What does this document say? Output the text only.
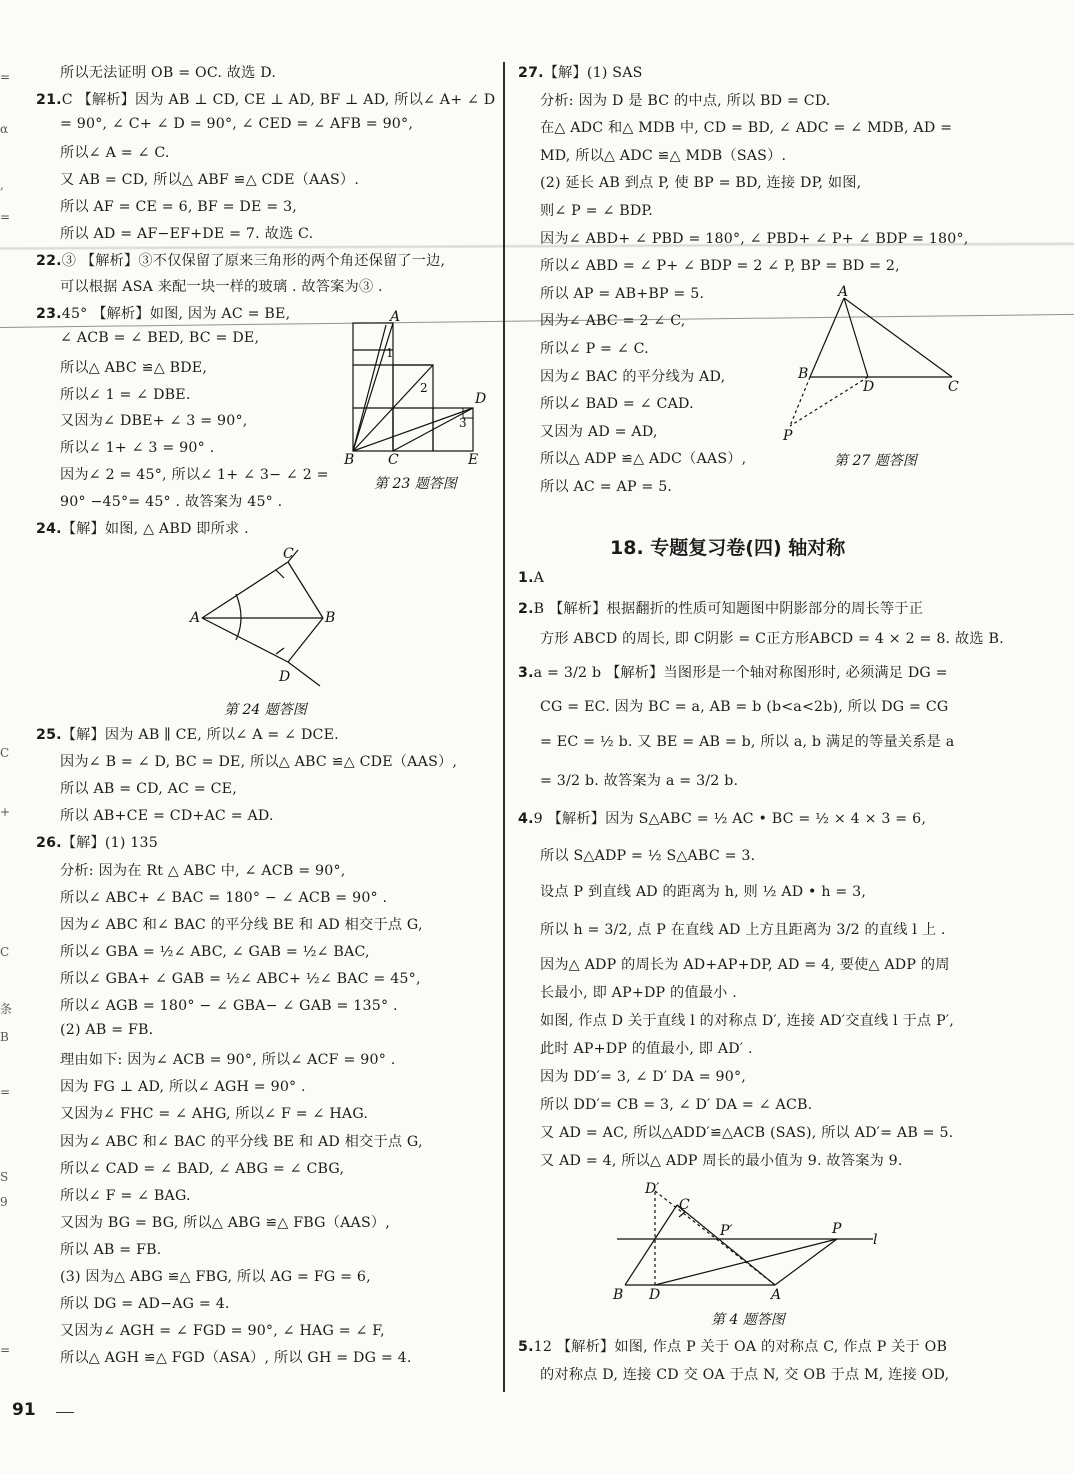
所以无法证明 OB = OC. 故选 D.
21.C 【解析】因为 AB ⊥ CD, CE ⊥ AD, BF ⊥ AD, 所以∠ A+ ∠ D
= 90°, ∠ C+ ∠ D = 90°, ∠ CED = ∠ AFB = 90°,
所以∠ A = ∠ C.
又 AB = CD, 所以△ ABF ≌△ CDE（AAS）.
所以 AF = CE = 6, BF = DE = 3,
所以 AD = AF−EF+DE = 7. 故选 C.
22.③ 【解析】③不仅保留了原来三角形的两个角还保留了一边,
可以根据 ASA 来配一块一样的玻璃 . 故答案为③ .
23.45° 【解析】如图, 因为 AC = BE,
∠ ACB = ∠ BED, BC = DE,
所以△ ABC ≌△ BDE,
所以∠ 1 = ∠ DBE.
又因为∠ DBE+ ∠ 3 = 90°,
所以∠ 1+ ∠ 3 = 90° .
因为∠ 2 = 45°, 所以∠ 1+ ∠ 3− ∠ 2 =
90° −45°= 45° . 故答案为 45° .
24.【解】如图, △ ABD 即所求 .
25.【解】因为 AB ∥ CE, 所以∠ A = ∠ DCE.
因为∠ B = ∠ D, BC = DE, 所以△ ABC ≌△ CDE（AAS）,
所以 AB = CD, AC = CE,
所以 AB+CE = CD+AC = AD.
26.【解】(1) 135
分析: 因为在 Rt △ ABC 中, ∠ ACB = 90°,
所以∠ ABC+ ∠ BAC = 180° − ∠ ACB = 90° .
因为∠ ABC 和∠ BAC 的平分线 BE 和 AD 相交于点 G,
所以∠ GBA = ½∠ ABC, ∠ GAB = ½∠ BAC,
所以∠ GBA+ ∠ GAB = ½∠ ABC+ ½∠ BAC = 45°,
所以∠ AGB = 180° − ∠ GBA− ∠ GAB = 135° .
(2) AB = FB.
理由如下: 因为∠ ACB = 90°, 所以∠ ACF = 90° .
因为 FG ⊥ AD, 所以∠ AGH = 90° .
又因为∠ FHC = ∠ AHG, 所以∠ F = ∠ HAG.
因为∠ ABC 和∠ BAC 的平分线 BE 和 AD 相交于点 G,
所以∠ CAD = ∠ BAD, ∠ ABG = ∠ CBG,
所以∠ F = ∠ BAG.
又因为 BG = BG, 所以△ ABG ≌△ FBG（AAS）,
所以 AB = FB.
(3) 因为△ ABG ≌△ FBG, 所以 AG = FG = 6,
所以 DG = AD−AG = 4.
又因为∠ AGH = ∠ FGD = 90°, ∠ HAG = ∠ F,
所以△ AGH ≌△ FGD（ASA）, 所以 GH = DG = 4.
A
1
2
D
3
B C	E
第 23 题答图
C
A	B
D
第 24 题答图
27.【解】(1) SAS
分析: 因为 D 是 BC 的中点, 所以 BD = CD.
在△ ADC 和△ MDB 中, CD = BD, ∠ ADC = ∠ MDB, AD =
MD, 所以△ ADC ≌△ MDB（SAS）.
(2) 延长 AB 到点 P, 使 BP = BD, 连接 DP, 如图,
则∠ P = ∠ BDP.
因为∠ ABD+ ∠ PBD = 180°, ∠ PBD+ ∠ P+ ∠ BDP = 180°,
所以∠ ABD = ∠ P+ ∠ BDP = 2 ∠ P, BP = BD = 2,
所以 AP = AB+BP = 5.
因为∠ ABC = 2 ∠ C,
所以∠ P = ∠ C.
因为∠ BAC 的平分线为 AD,
所以∠ BAD = ∠ CAD.
又因为 AD = AD,
所以△ ADP ≌△ ADC（AAS）,
所以 AC = AP = 5.
1.A
2.B 【解析】根据翻折的性质可知题图中阴影部分的周长等于正
方形 ABCD 的周长, 即 C阴影 = C正方形ABCD = 4 × 2 = 8. 故选 B.
3.a = 3/2 b 【解析】当图形是一个轴对称图形时, 必须满足 DG =
CG = EC. 因为 BC = a, AB = b (b<a<2b), 所以 DG = CG
= EC = ½ b. 又 BE = AB = b, 所以 a, b 满足的等量关系是 a
= 3/2 b. 故答案为 a = 3/2 b.
4.9 【解析】因为 S△ABC = ½ AC • BC = ½ × 4 × 3 = 6,
所以 S△ADP = ½ S△ABC = 3.
设点 P 到直线 AD 的距离为 h, 则 ½ AD • h = 3,
所以 h = 3/2, 点 P 在直线 AD 上方且距离为 3/2 的直线 l 上 .
因为△ ADP 的周长为 AD+AP+DP, AD = 4, 要使△ ADP 的周
长最小, 即 AP+DP 的值最小 .
如图, 作点 D 关于直线 l 的对称点 D′, 连接 AD′交直线 l 于点 P′,
此时 AP+DP 的值最小, 即 AD′ .
因为 DD′= 3, ∠ D′ DA = 90°,
所以 DD′= CB = 3, ∠ D′ DA = ∠ ACB.
又 AD = AC, 所以△ADD′≌△ACB (SAS), 所以 AD′= AB = 5.
又 AD = 4, 所以△ ADP 周长的最小值为 9. 故答案为 9.
5.12 【解析】如图, 作点 P 关于 OA 的对称点 C, 作点 P 关于 OB
的对称点 D, 连接 CD 交 OA 于点 N, 交 OB 于点 M, 连接 OD,
A
B
D	C
P
第 27 题答图
18. 专题复习卷(四) 轴对称
D′
C
P′	P
l
B D	A
第 4 题答图
=
α
,
=
C
+
C
条
B
=
S
9
=
91
